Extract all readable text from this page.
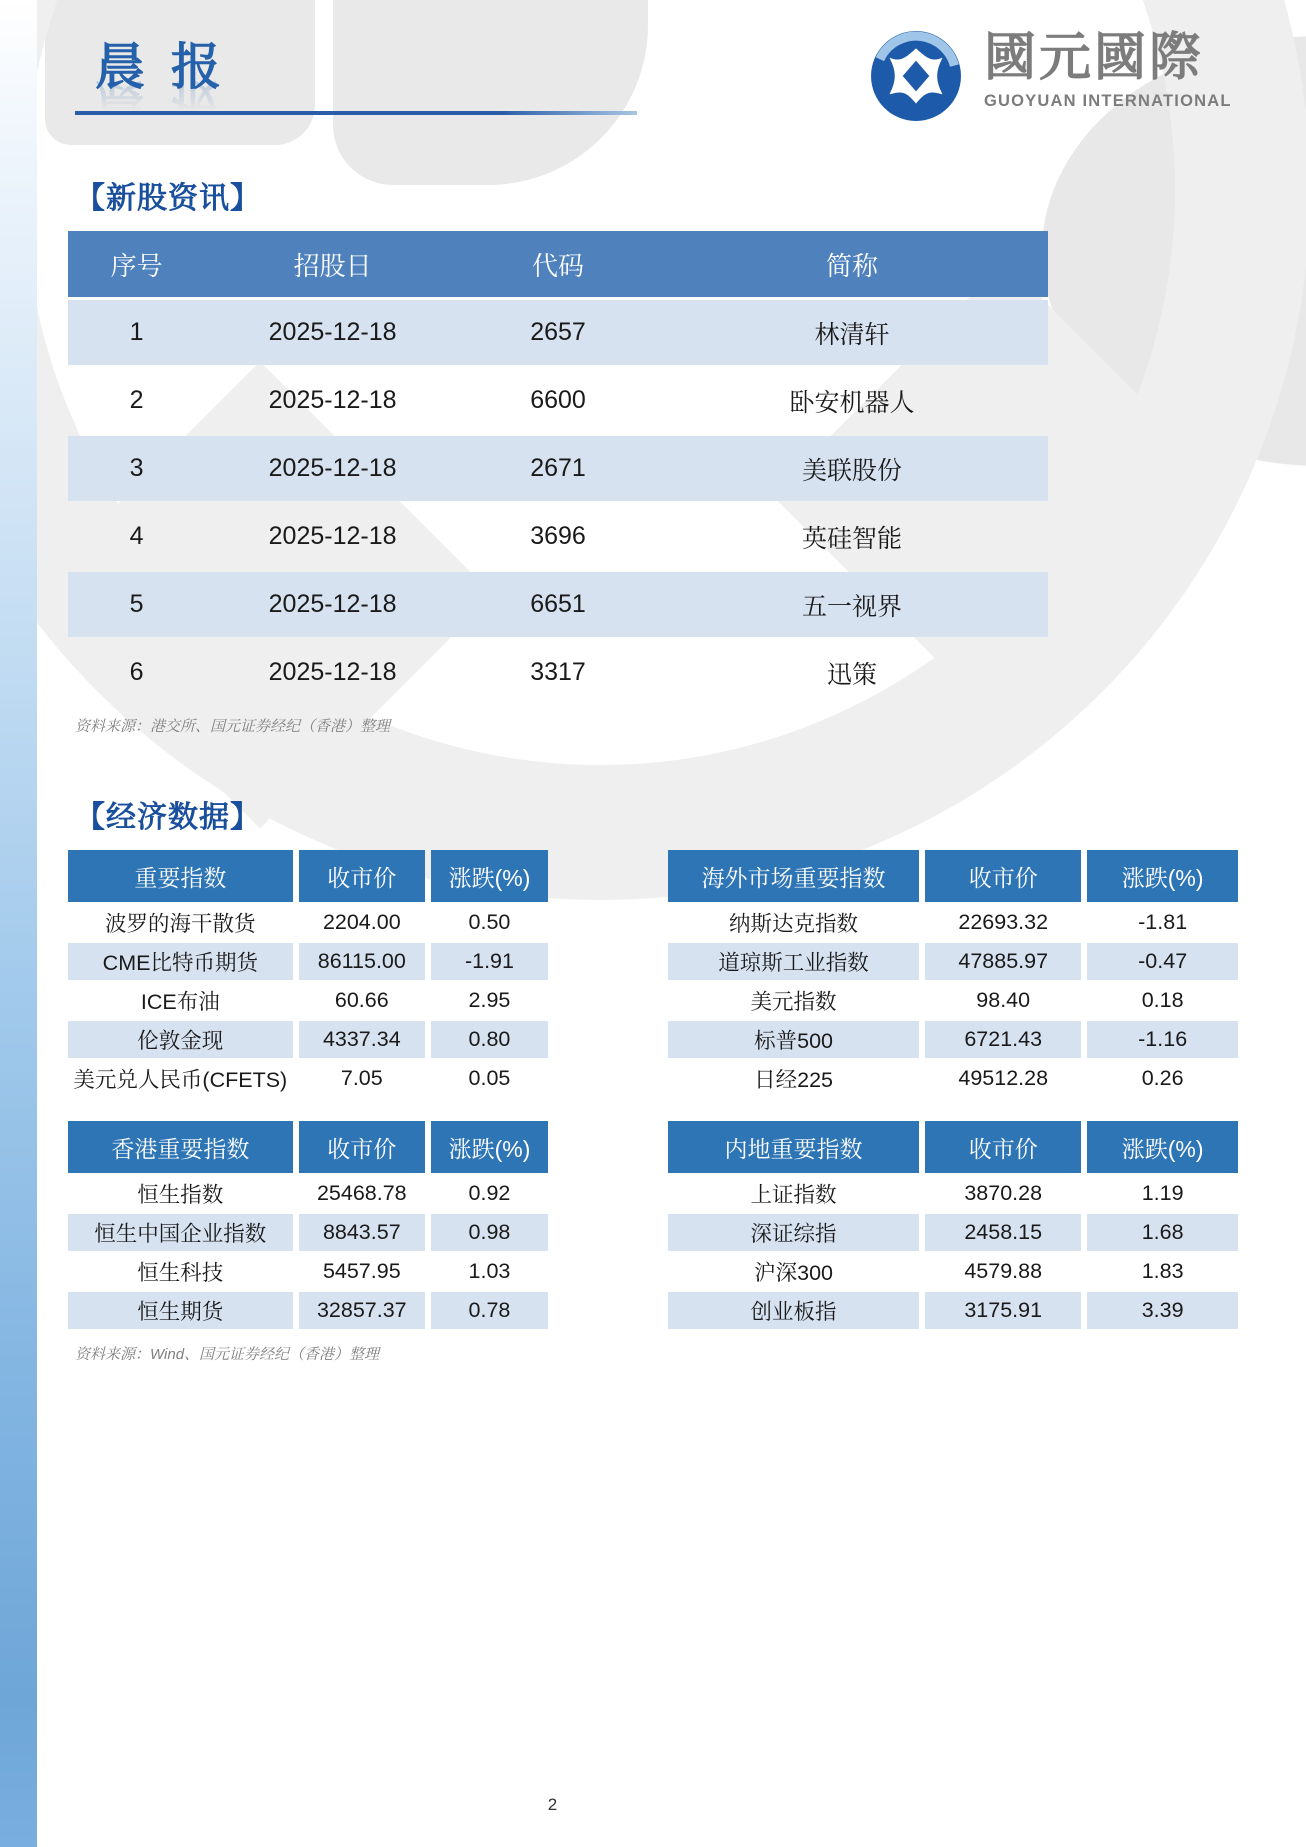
國元國際
GUOYUAN INTERNATIONAL
晨 报
【新股资讯】
序号	招股日	代码	简称
1	2025-12-18	2657	林清轩
2	2025-12-18	6600	卧安机器人
3	2025-12-18	2671	美联股份
4	2025-12-18	3696	英硅智能
5	2025-12-18	6651	五一视界
6	2025-12-18	3317	迅策

资料来源：港交所、国元证券经纪（香港）整理

【经济数据】
重要指数	收市价	涨跌(%)
波罗的海干散货	2204.00	0.50
CME比特币期货	86115.00	-1.91
ICE布油	60.66	2.95
伦敦金现	4337.34	0.80
美元兑人民币(CFETS)	7.05	0.05
海外市场重要指数	收市价	涨跌(%)
纳斯达克指数	22693.32	-1.81
道琼斯工业指数	47885.97	-0.47
美元指数	98.40	0.18
标普500	6721.43	-1.16
日经225	49512.28	0.26
香港重要指数	收市价	涨跌(%)
恒生指数	25468.78	0.92
恒生中国企业指数	8843.57	0.98
恒生科技	5457.95	1.03
恒生期货	32857.37	0.78
内地重要指数	收市价	涨跌(%)
上证指数	3870.28	1.19
深证综指	2458.15	1.68
沪深300	4579.88	1.83
创业板指	3175.91	3.39

资料来源：Wind、国元证券经纪（香港）整理

2
